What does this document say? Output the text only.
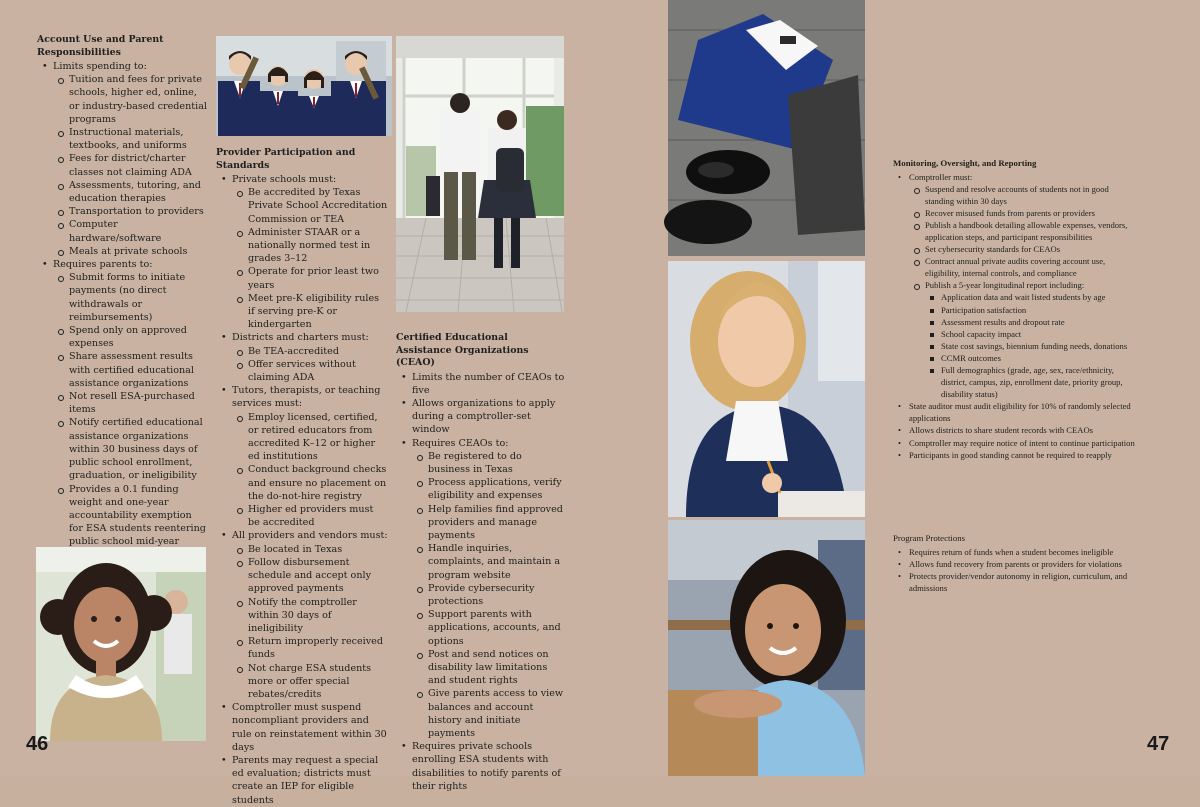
Account Use and Parent Responsibilities
• Limits spending to:
Tuition and fees for private schools, higher ed, online, or industry-based credential programs
Instructional materials, textbooks, and uniforms
Fees for district/charter classes not claiming ADA
Assessments, tutoring, and education therapies
Transportation to providers
Computer hardware/software
Meals at private schools
• Requires parents to:
Submit forms to initiate payments (no direct withdrawals or reimbursements)
Spend only on approved expenses
Share assessment results with certified educational assistance organizations
Not resell ESA-purchased items
Notify certified educational assistance organizations within 30 business days of public school enrollment, graduation, or ineligibility
Provides a 0.1 funding weight and one-year accountability exemption for ESA students reentering public school mid-year
Provider Participation and Standards
• Private schools must:
Be accredited by Texas Private School Accreditation Commission or TEA
Administer STAAR or a nationally normed test in grades 3–12
Operate for prior least two years
Meet pre-K eligibility rules if serving pre-K or kindergarten
• Districts and charters must:
Be TEA-accredited
Offer services without claiming ADA
• Tutors, therapists, or teaching services must:
Employ licensed, certified, or retired educators from accredited K–12 or higher ed institutions
Conduct background checks and ensure no placement on the do-not-hire registry
Higher ed providers must be accredited
• All providers and vendors must:
Be located in Texas
Follow disbursement schedule and accept only approved payments
Notify the comptroller within 30 days of ineligibility
Return improperly received funds
Not charge ESA students more or offer special rebates/credits
• Comptroller must suspend noncompliant providers and rule on reinstatement within 30 days
• Parents may request a special ed evaluation; districts must create an IEP for eligible students
Certified Educational Assistance Organizations (CEAO)
• Limits the number of CEAOs to five
• Allows organizations to apply during a comptroller-set window
• Requires CEAOs to:
Be registered to do business in Texas
Process applications, verify eligibility and expenses
Help families find approved providers and manage payments
Handle inquiries, complaints, and maintain a program website
Provide cybersecurity protections
Support parents with applications, accounts, and options
Post and send notices on disability law limitations and student rights
Give parents access to view balances and account history and initiate payments
• Requires private schools enrolling ESA students with disabilities to notify parents of their rights
Monitoring, Oversight, and Reporting
• Comptroller must:
Suspend and resolve accounts of students not in good standing within 30 days
Recover misused funds from parents or providers
Publish a handbook detailing allowable expenses, vendors, application steps, and participant responsibilities
Set cybersecurity standards for CEAOs
Contract annual private audits covering account use, eligibility, internal controls, and compliance
Publish a 5-year longitudinal report including:
Application data and wait listed students by age
Participation satisfaction
Assessment results and dropout rate
School capacity impact
State cost savings, biennium funding needs, donations
CCMR outcomes
Full demographics (grade, age, sex, race/ethnicity, district, campus, zip, enrollment date, priority group, disability status)
• State auditor must audit eligibility for 10% of randomly selected applications
• Allows districts to share student records with CEAOs
• Comptroller may require notice of intent to continue participation
• Participants in good standing cannot be required to reapply
Program Protections
• Requires return of funds when a student becomes ineligible
• Allows fund recovery from parents or providers for violations
• Protects provider/vendor autonomy in religion, curriculum, and admissions
46	47
